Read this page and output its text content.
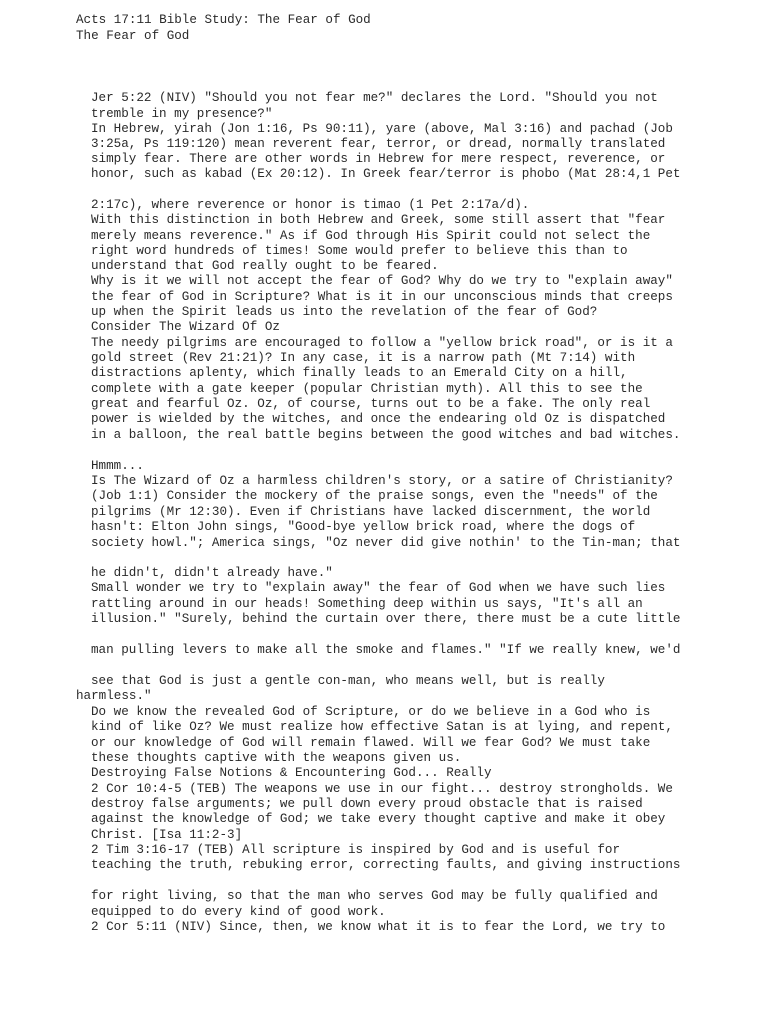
Acts 17:11 Bible Study: The Fear of God
The Fear of God
Jer 5:22 (NIV) "Should you not fear me?" declares the Lord. "Should you not
tremble in my presence?"
In Hebrew, yirah (Jon 1:16, Ps 90:11), yare (above, Mal 3:16) and pachad (Job
3:25a, Ps 119:120) mean reverent fear, terror, or dread, normally translated
simply fear. There are other words in Hebrew for mere respect, reverence, or
honor, such as kabad (Ex 20:12). In Greek fear/terror is phobo (Mat 28:4,1 Pet
2:17c), where reverence or honor is timao (1 Pet 2:17a/d).
With this distinction in both Hebrew and Greek, some still assert that "fear
merely means reverence." As if God through His Spirit could not select the
right word hundreds of times! Some would prefer to believe this than to
understand that God really ought to be feared.
Why is it we will not accept the fear of God? Why do we try to "explain away"
the fear of God in Scripture? What is it in our unconscious minds that creeps
up when the Spirit leads us into the revelation of the fear of God?
Consider The Wizard Of Oz
The needy pilgrims are encouraged to follow a "yellow brick road", or is it a
gold street (Rev 21:21)? In any case, it is a narrow path (Mt 7:14) with
distractions aplenty, which finally leads to an Emerald City on a hill,
complete with a gate keeper (popular Christian myth). All this to see the
great and fearful Oz. Oz, of course, turns out to be a fake. The only real
power is wielded by the witches, and once the endearing old Oz is dispatched
in a balloon, the real battle begins between the good witches and bad witches.
Hmmm...
Is The Wizard of Oz a harmless children's story, or a satire of Christianity?
(Job 1:1) Consider the mockery of the praise songs, even the "needs" of the
pilgrims (Mr 12:30). Even if Christians have lacked discernment, the world
hasn't: Elton John sings, "Good-bye yellow brick road, where the dogs of
society howl."; America sings, "Oz never did give nothin' to the Tin-man; that
he didn't, didn't already have."
Small wonder we try to "explain away" the fear of God when we have such lies
rattling around in our heads! Something deep within us says, "It's all an
illusion." "Surely, behind the curtain over there, there must be a cute little
man pulling levers to make all the smoke and flames." "If we really knew, we'd
see that God is just a gentle con-man, who means well, but is really
harmless."
Do we know the revealed God of Scripture, or do we believe in a God who is
kind of like Oz? We must realize how effective Satan is at lying, and repent,
or our knowledge of God will remain flawed. Will we fear God? We must take
these thoughts captive with the weapons given us.
Destroying False Notions & Encountering God... Really
2 Cor 10:4-5 (TEB) The weapons we use in our fight... destroy strongholds. We
destroy false arguments; we pull down every proud obstacle that is raised
against the knowledge of God; we take every thought captive and make it obey
Christ. [Isa 11:2-3]
2 Tim 3:16-17 (TEB) All scripture is inspired by God and is useful for
teaching the truth, rebuking error, correcting faults, and giving instructions
for right living, so that the man who serves God may be fully qualified and
equipped to do every kind of good work.
2 Cor 5:11 (NIV) Since, then, we know what it is to fear the Lord, we try to
